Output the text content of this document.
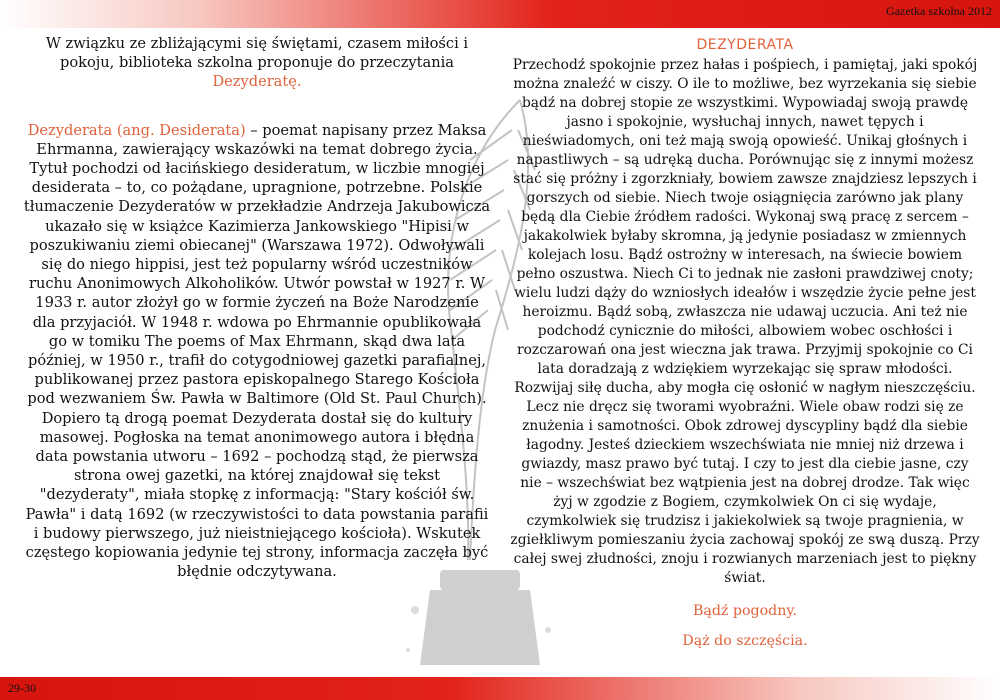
Gazetka szkolna 2012

W związku ze zbliżającymi się świętami, czasem miłości i pokoju, biblioteka szkolna proponuje do przeczytania Dezyderatę.

Dezyderata (ang. Desiderata) – poemat napisany przez Maksa Ehrmanna, zawierający wskazówki na temat dobrego życia. Tytuł pochodzi od łacińskiego desideratum, w liczbie mnogiej desiderata – to, co pożądane, upragnione, potrzebne. Polskie tłumaczenie Dezyderatów w przekładzie Andrzeja Jakubowicza ukazało się w książce Kazimierza Jankowskiego "Hipisi w poszukiwaniu ziemi obiecanej" (Warszawa 1972). Odwoływali się do niego hippisi, jest też popularny wśród uczestników ruchu Anonimowych Alkoholików. Utwór powstał w 1927 r. W 1933 r. autor złożył go w formie życzeń na Boże Narodzenie dla przyjaciół. W 1948 r. wdowa po Ehrmannie opublikowała go w tomiku The poems of Max Ehrmann, skąd dwa lata później, w 1950 r., trafił do cotygodniowej gazetki parafialnej, publikowanej przez pastora episkopalnego Starego Kościoła pod wezwaniem Św. Pawła w Baltimore (Old St. Paul Church). Dopiero tą drogą poemat Dezyderata dostał się do kultury masowej. Pogłoska na temat anonimowego autora i błędna data powstania utworu – 1692 – pochodzą stąd, że pierwsza strona owej gazetki, na której znajdował się tekst "dezyderaty", miała stopkę z informacją: "Stary kościół św. Pawła" i datą 1692 (w rzeczywistości to data powstania parafii i budowy pierwszego, już nieistniejącego kościoła). Wskutek częstego kopiowania jedynie tej strony, informacja zaczęła być błędnie odczytywana.

DEZYDERATA

Przechodź spokojnie przez hałas i pośpiech, i pamiętaj, jaki spokój można znaleźć w ciszy. O ile to możliwe, bez wyrzekania się siebie bądź na dobrej stopie ze wszystkimi. Wypowiadaj swoją prawdę jasno i spokojnie, wysłuchaj innych, nawet tępych i nieświadomych, oni też mają swoją opowieść. Unikaj głośnych i napastliwych – są udręką ducha. Porównując się z innymi możesz stać się próżny i zgorzkniały, bowiem zawsze znajdziesz lepszych i gorszych od siebie. Niech twoje osiągnięcia zarówno jak plany będą dla Ciebie źródłem radości. Wykonaj swą pracę z sercem – jakakolwiek byłaby skromna, ją jedynie posiadasz w zmiennych kolejach losu. Bądź ostrożny w interesach, na świecie bowiem pełno oszustwa. Niech Ci to jednak nie zasłoni prawdziwej cnoty; wielu ludzi dąży do wzniosłych ideałów i wszędzie życie pełne jest heroizmu. Bądź sobą, zwłaszcza nie udawaj uczucia. Ani też nie podchodź cynicznie do miłości, albowiem wobec oschłości i rozczarowań ona jest wieczna jak trawa. Przyjmij spokojnie co Ci lata doradzają z wdziękiem wyrzekając się spraw młodości. Rozwijaj siłę ducha, aby mogła cię osłonić w nagłym nieszczęściu. Lecz nie dręcz się tworami wyobraźni. Wiele obaw rodzi się ze znużenia i samotności. Obok zdrowej dyscypliny bądź dla siebie łagodny. Jesteś dzieckiem wszechświata nie mniej niż drzewa i gwiazdy, masz prawo być tutaj. I czy to jest dla ciebie jasne, czy nie – wszechświat bez wątpienia jest na dobrej drodze. Tak więc żyj w zgodzie z Bogiem, czymkolwiek On ci się wydaje, czymkolwiek się trudzisz i jakiekolwiek są twoje pragnienia, w zgiełkliwym pomieszaniu życia zachowaj spokój ze swą duszą. Przy całej swej złudności, znoju i rozwianych marzeniach jest to piękny świat.

Bądź pogodny.

Dąż do szczęścia.

29-30
